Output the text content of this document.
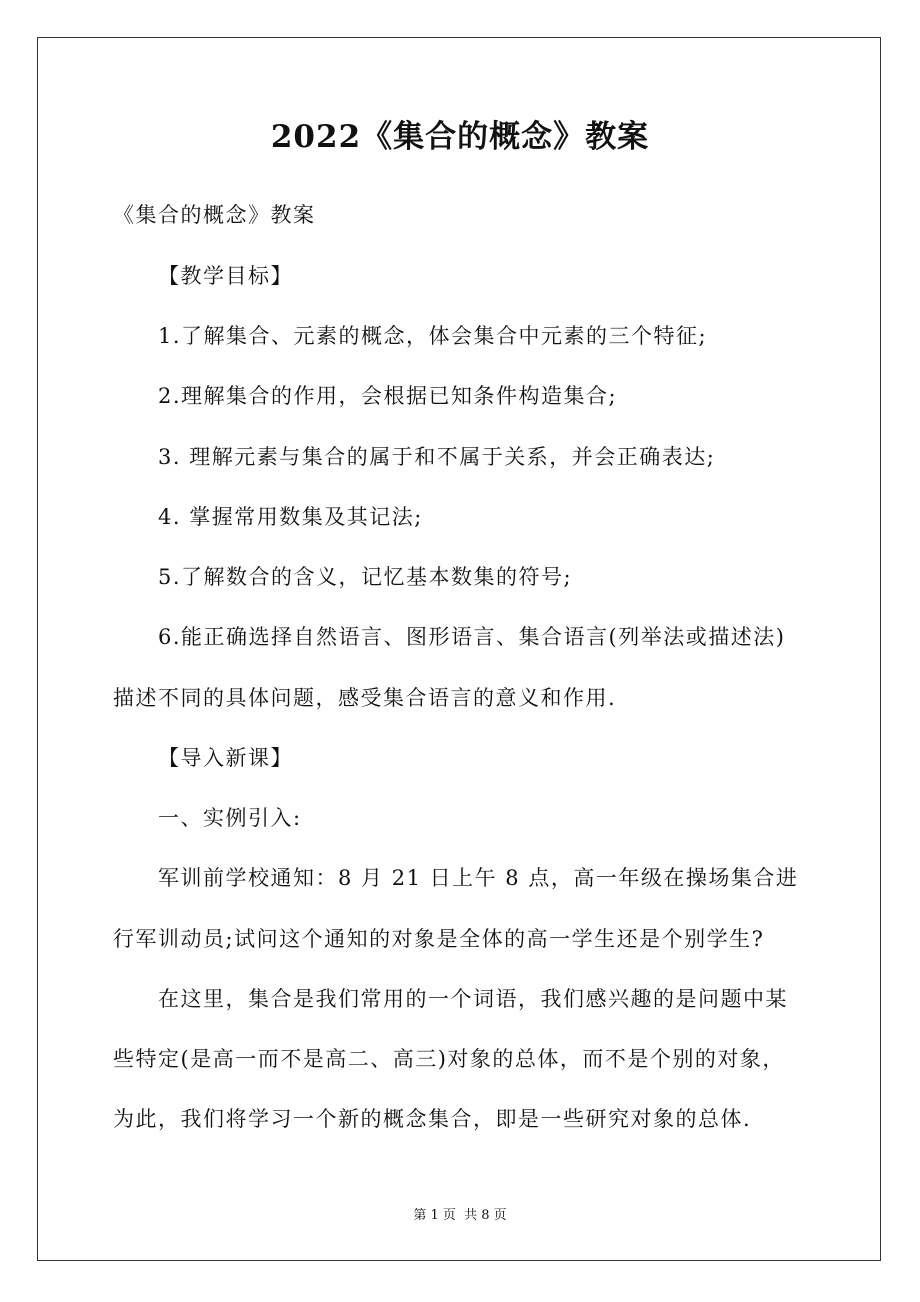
2022《集合的概念》教案

《集合的概念》教案

【教学目标】

1.了解集合、元素的概念，体会集合中元素的三个特征;

2.理解集合的作用，会根据已知条件构造集合;

3. 理解元素与集合的属于和不属于关系，并会正确表达;

4. 掌握常用数集及其记法;

5.了解数合的含义，记忆基本数集的符号;

6.能正确选择自然语言、图形语言、集合语言(列举法或描述法)

描述不同的具体问题，感受集合语言的意义和作用.

【导入新课】

一、实例引入:

军训前学校通知：8 月 21 日上午 8 点，高一年级在操场集合进

行军训动员;试问这个通知的对象是全体的高一学生还是个别学生?

在这里，集合是我们常用的一个词语，我们感兴趣的是问题中某

些特定(是高一而不是高二、高三)对象的总体，而不是个别的对象，

为此，我们将学习一个新的概念集合，即是一些研究对象的总体.

第 1 页 共 8 页
